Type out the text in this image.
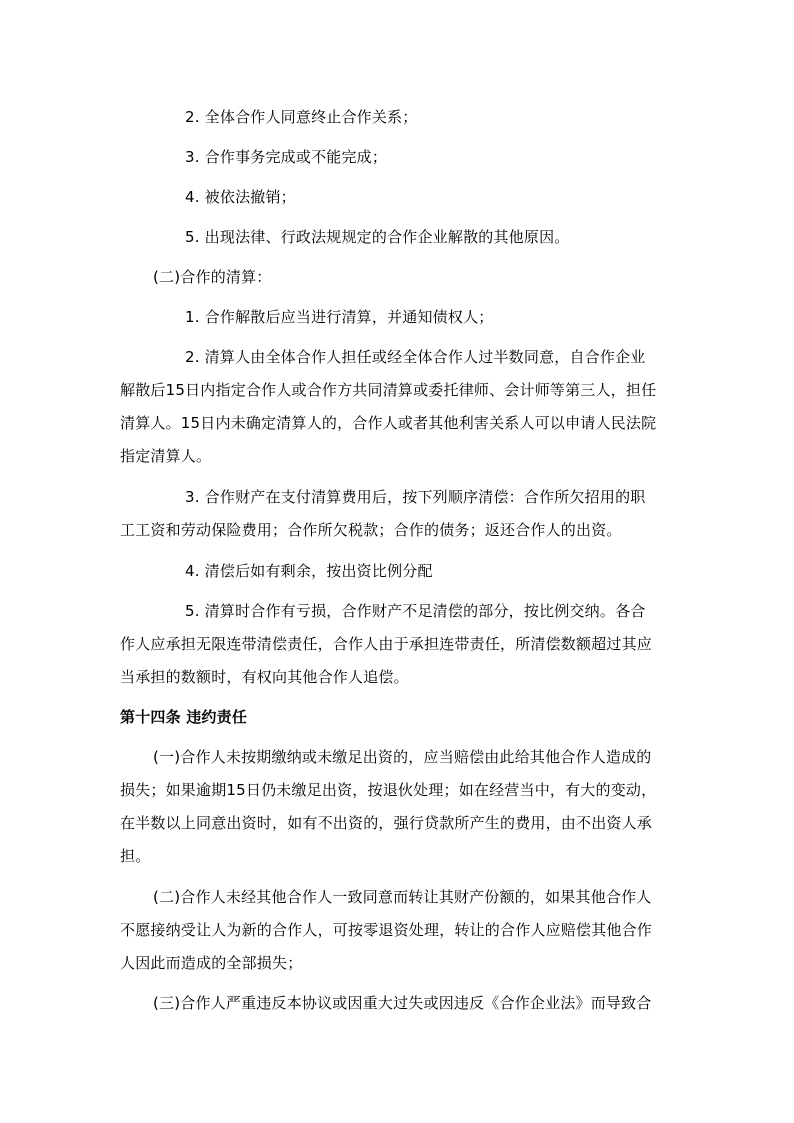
2. 全体合作人同意终止合作关系；
3. 合作事务完成或不能完成；
4. 被依法撤销；
5. 出现法律、行政法规规定的合作企业解散的其他原因。
(二)合作的清算：
1. 合作解散后应当进行清算，并通知债权人；
2. 清算人由全体合作人担任或经全体合作人过半数同意，自合作企业
解散后15日内指定合作人或合作方共同清算或委托律师、会计师等第三人，担任
清算人。15日内未确定清算人的，合作人或者其他利害关系人可以申请人民法院
指定清算人。
3. 合作财产在支付清算费用后，按下列顺序清偿：合作所欠招用的职
工工资和劳动保险费用；合作所欠税款；合作的债务；返还合作人的出资。
4. 清偿后如有剩余，按出资比例分配
5. 清算时合作有亏损，合作财产不足清偿的部分，按比例交纳。各合
作人应承担无限连带清偿责任，合作人由于承担连带责任，所清偿数额超过其应
当承担的数额时，有权向其他合作人追偿。
第十四条 违约责任
(一)合作人未按期缴纳或未缴足出资的，应当赔偿由此给其他合作人造成的
损失；如果逾期15日仍未缴足出资，按退伙处理；如在经营当中，有大的变动，
在半数以上同意出资时，如有不出资的，强行贷款所产生的费用，由不出资人承
担。
(二)合作人未经其他合作人一致同意而转让其财产份额的，如果其他合作人
不愿接纳受让人为新的合作人，可按零退资处理，转让的合作人应赔偿其他合作
人因此而造成的全部损失；
(三)合作人严重违反本协议或因重大过失或因违反《合作企业法》而导致合
